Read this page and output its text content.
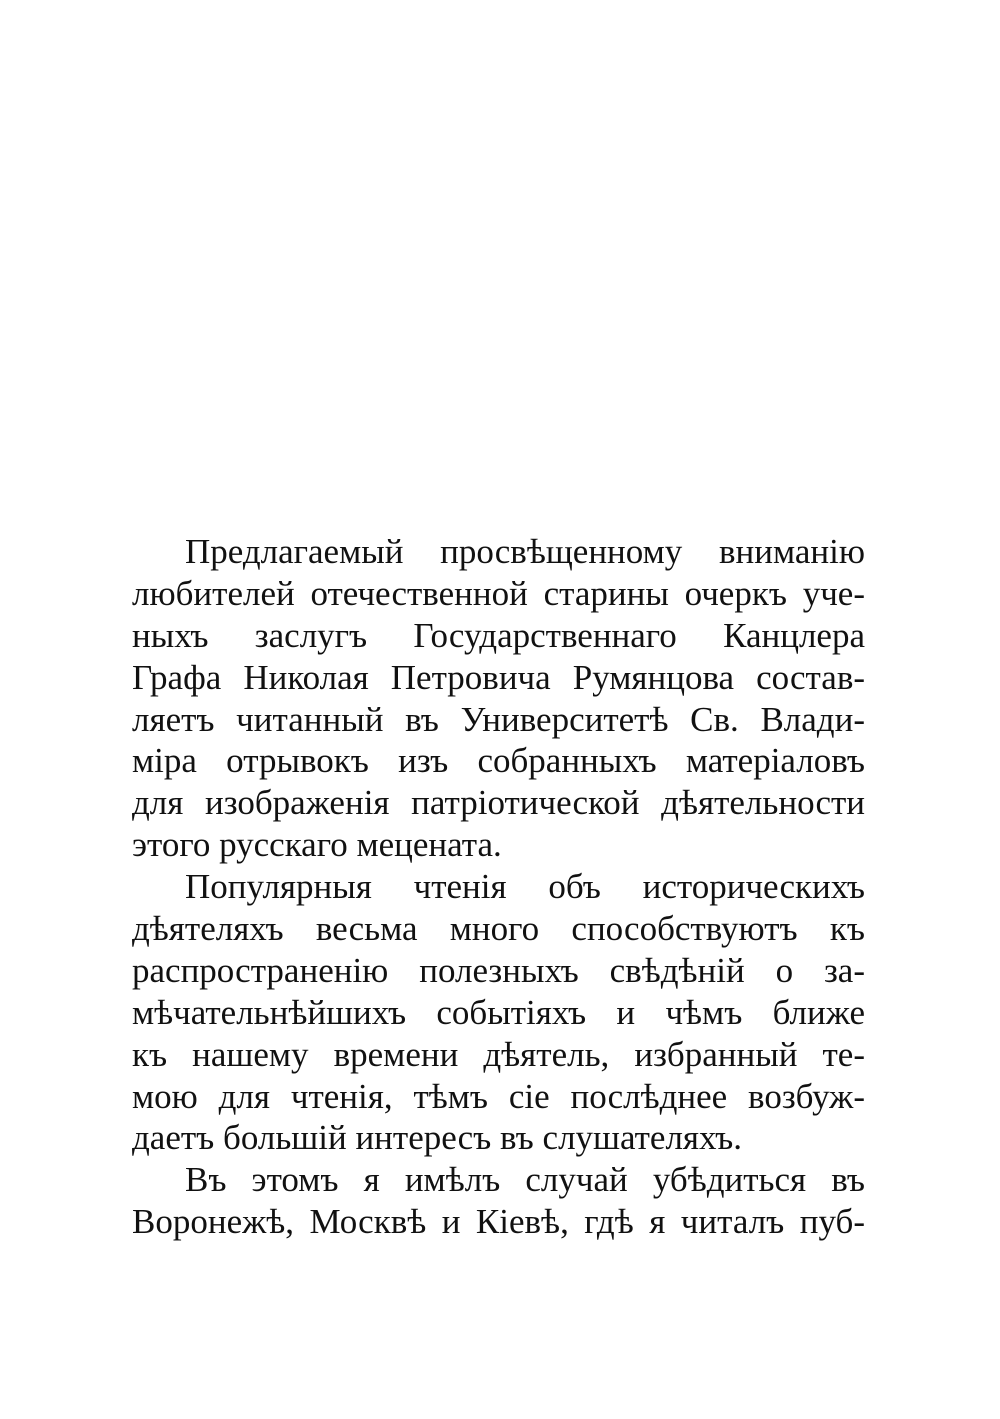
Предлагаемый просвѣщенному вниманію
любителей отечественной старины очеркъ уче-
ныхъ заслугъ Государственнаго Канцлера
Графа Николая Петровича Румянцова состав-
ляетъ читанный въ Университетѣ Св. Влади-
міра отрывокъ изъ собранныхъ матеріаловъ
для изображенія патріотической дѣятельности
этого русскаго мецената.
Популярныя чтенія объ историческихъ
дѣятеляхъ весьма много способствуютъ къ
распространенію полезныхъ свѣдѣній о за-
мѣчательнѣйшихъ событіяхъ и чѣмъ ближе
къ нашему времени дѣятель, избранный те-
мою для чтенія, тѣмъ сіе послѣднее возбуж-
даетъ большій интересъ въ слушателяхъ.
Въ этомъ я имѣлъ случай убѣдиться въ
Воронежѣ, Москвѣ и Кіевѣ, гдѣ я читалъ пуб-
